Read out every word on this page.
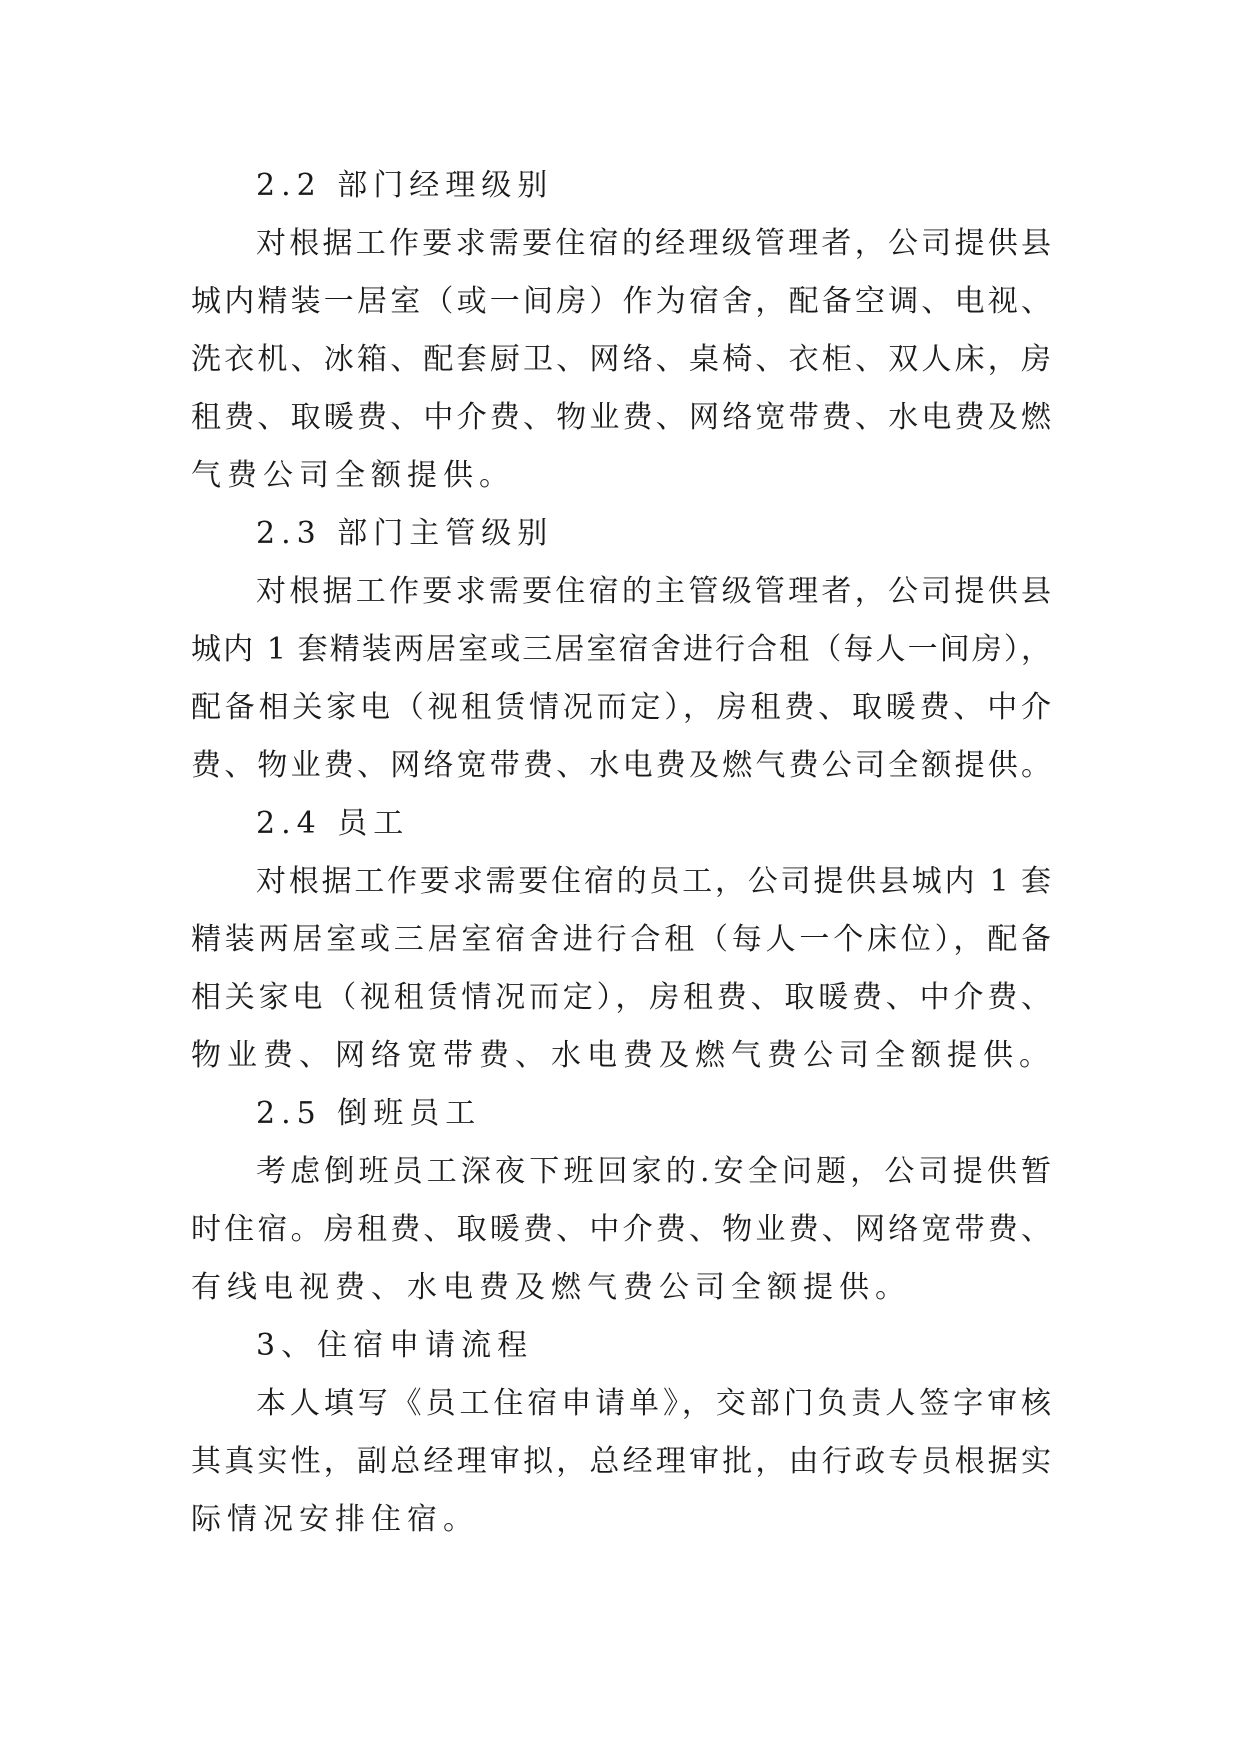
2.2 部门经理级别
对根据工作要求需要住宿的经理级管理者，公司提供县
城内精装一居室（或一间房）作为宿舍，配备空调、电视、
洗衣机、冰箱、配套厨卫、网络、桌椅、衣柜、双人床，房
租费、取暖费、中介费、物业费、网络宽带费、水电费及燃
气费公司全额提供。
2.3 部门主管级别
对根据工作要求需要住宿的主管级管理者，公司提供县
城内 1 套精装两居室或三居室宿舍进行合租（每人一间房），
配备相关家电（视租赁情况而定），房租费、取暖费、中介
费、物业费、网络宽带费、水电费及燃气费公司全额提供。
2.4 员工
对根据工作要求需要住宿的员工，公司提供县城内 1 套
精装两居室或三居室宿舍进行合租（每人一个床位），配备
相关家电（视租赁情况而定），房租费、取暖费、中介费、
物业费、网络宽带费、水电费及燃气费公司全额提供。
2.5 倒班员工
考虑倒班员工深夜下班回家的.安全问题，公司提供暂
时住宿。房租费、取暖费、中介费、物业费、网络宽带费、
有线电视费、水电费及燃气费公司全额提供。
3、住宿申请流程
本人填写《员工住宿申请单》，交部门负责人签字审核
其真实性，副总经理审拟，总经理审批，由行政专员根据实
际情况安排住宿。
